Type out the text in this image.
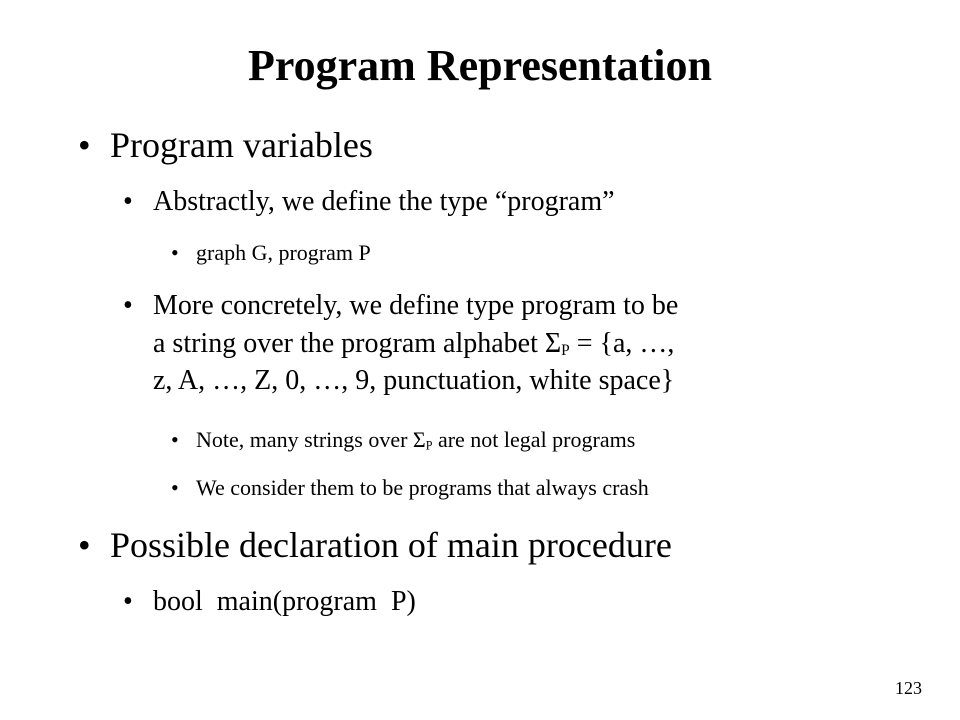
Program Representation
• Program variables
• Abstractly, we define the type “program”
• graph G, program P
• More concretely, we define type program to be
a string over the program alphabet $\Sigma_P = \{a$, …,
z, A, …, Z, 0, …, 9, punctuation, white space}
• Note, many strings over $\Sigma_P$ are not legal programs
• We consider them to be programs that always crash
• Possible declaration of main procedure
• bool  main(program  P)
123
